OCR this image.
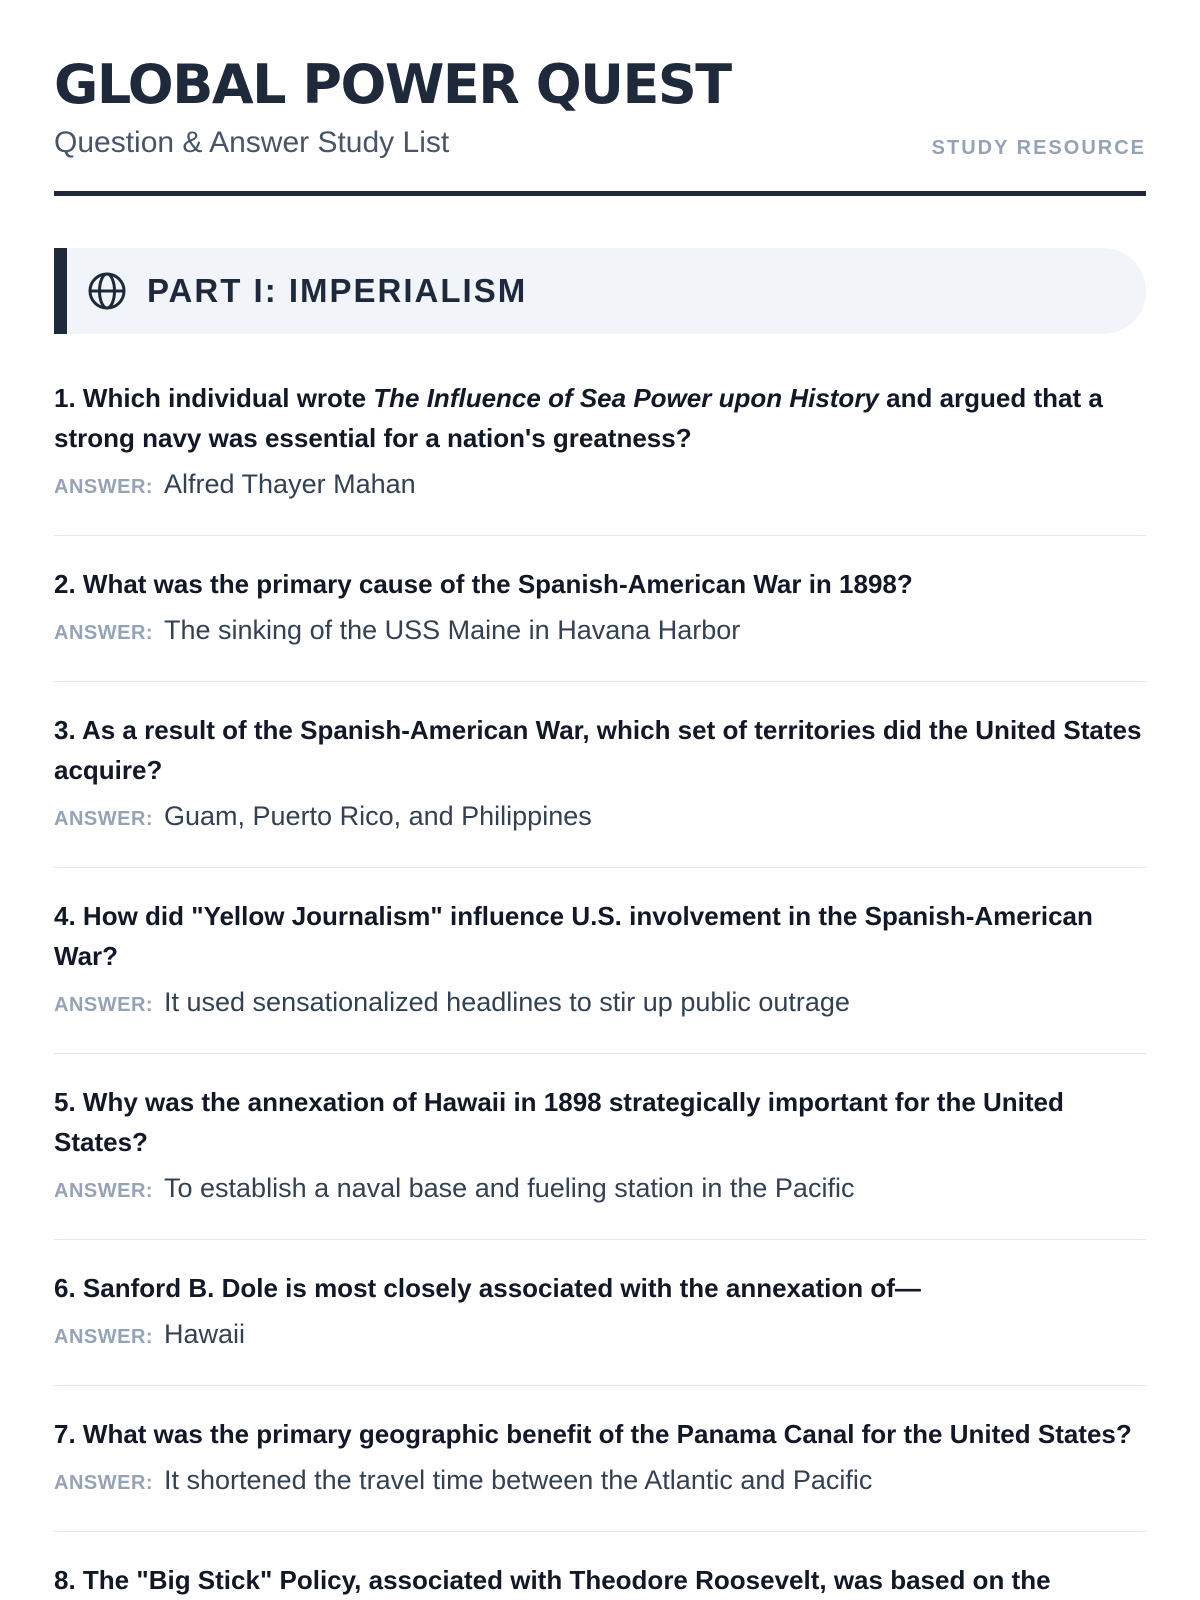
GLOBAL POWER QUEST
Question & Answer Study List	STUDY RESOURCE
PART I: IMPERIALISM

1. Which individual wrote The Influence of Sea Power upon History and argued that a strong navy was essential for a nation's greatness?

ANSWER: Alfred Thayer Mahan

2. What was the primary cause of the Spanish-American War in 1898?

ANSWER: The sinking of the USS Maine in Havana Harbor

3. As a result of the Spanish-American War, which set of territories did the United States acquire?

ANSWER: Guam, Puerto Rico, and Philippines

4. How did "Yellow Journalism" influence U.S. involvement in the Spanish-American War?

ANSWER: It used sensationalized headlines to stir up public outrage

5. Why was the annexation of Hawaii in 1898 strategically important for the United States?

ANSWER: To establish a naval base and fueling station in the Pacific

6. Sanford B. Dole is most closely associated with the annexation of—

ANSWER: Hawaii

7. What was the primary geographic benefit of the Panama Canal for the United States?

ANSWER: It shortened the travel time between the Atlantic and Pacific

8. The "Big Stick" Policy, associated with Theodore Roosevelt, was based on the
